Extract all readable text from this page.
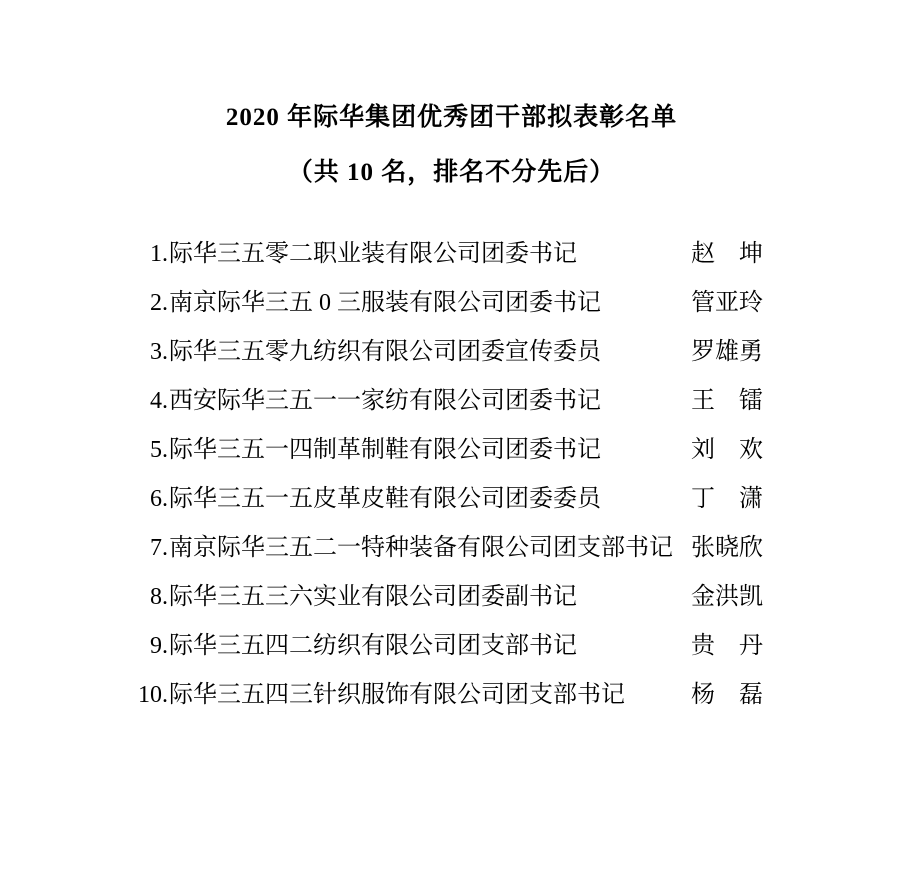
2020 年际华集团优秀团干部拟表彰名单
（共 10 名，排名不分先后）
1. 际华三五零二职业装有限公司团委书记	赵　坤
2. 南京际华三五 0 三服装有限公司团委书记	管亚玲
3. 际华三五零九纺织有限公司团委宣传委员	罗雄勇
4. 西安际华三五一一家纺有限公司团委书记	王　镭
5. 际华三五一四制革制鞋有限公司团委书记	刘　欢
6. 际华三五一五皮革皮鞋有限公司团委委员	丁　潇
7. 南京际华三五二一特种装备有限公司团支部书记 张晓欣
8. 际华三五三六实业有限公司团委副书记	金洪凯
9. 际华三五四二纺织有限公司团支部书记	贵　丹
10. 际华三五四三针织服饰有限公司团支部书记	杨　磊
